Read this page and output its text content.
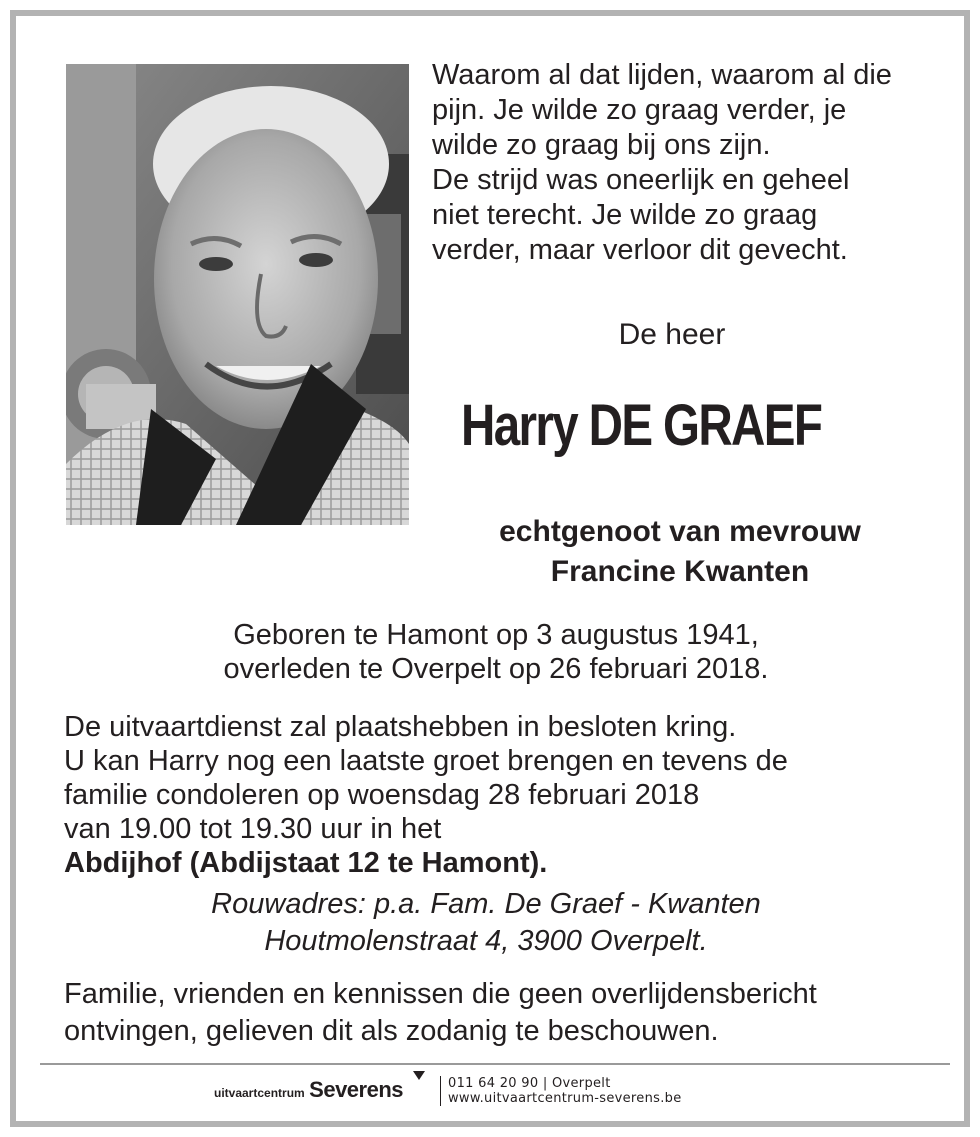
Waarom al dat lijden, waarom al die
pijn. Je wilde zo graag verder, je
wilde zo graag bij ons zijn.
De strijd was oneerlijk en geheel
niet terecht. Je wilde zo graag
verder, maar verloor dit gevecht.
De heer
Harry DE GRAEF
echtgenoot van mevrouw
Francine Kwanten
Geboren te Hamont op 3 augustus 1941,
overleden te Overpelt op 26 februari 2018.
De uitvaartdienst zal plaatshebben in besloten kring.
U kan Harry nog een laatste groet brengen en tevens de
familie condoleren op woensdag 28 februari 2018
van 19.00 tot 19.30 uur in het
Abdijhof (Abdijstaat 12 te Hamont).
Rouwadres: p.a. Fam. De Graef - Kwanten
Houtmolenstraat 4, 3900 Overpelt.
Familie, vrienden en kennissen die geen overlijdensbericht
ontvingen, gelieven dit als zodanig te beschouwen.
uitvaartcentrum Severens	011 64 20 90 | Overpelt
www.uitvaartcentrum-severens.be
